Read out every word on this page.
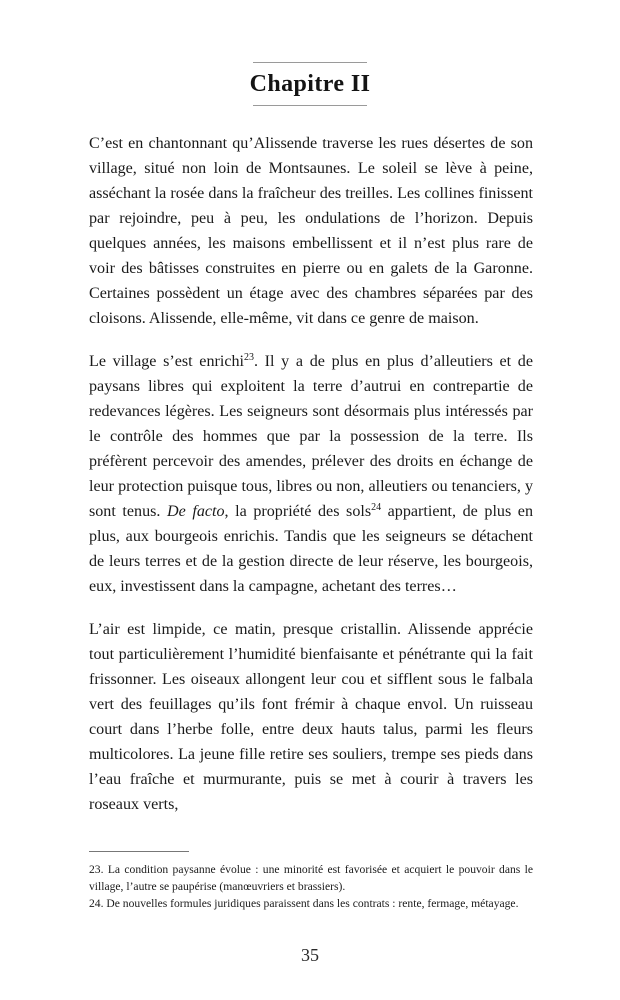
Chapitre II

C’est en chantonnant qu’Alissende traverse les rues désertes de son village, situé non loin de Montsaunes. Le soleil se lève à peine, asséchant la rosée dans la fraîcheur des treilles. Les collines finissent par rejoindre, peu à peu, les ondulations de l’horizon. Depuis quelques années, les maisons embellissent et il n’est plus rare de voir des bâtisses construites en pierre ou en galets de la Garonne. Certaines possèdent un étage avec des chambres séparées par des cloisons. Alissende, elle-même, vit dans ce genre de maison.

Le village s’est enrichi$^{23}$. Il y a de plus en plus d’alleutiers et de paysans libres qui exploitent la terre d’autrui en contrepartie de redevances légères. Les seigneurs sont désormais plus intéressés par le contrôle des hommes que par la possession de la terre. Ils préfèrent percevoir des amendes, prélever des droits en échange de leur protection puisque tous, libres ou non, alleutiers ou tenanciers, y sont tenus. De facto, la propriété des sols$^{24}$ appartient, de plus en plus, aux bourgeois enrichis. Tandis que les seigneurs se détachent de leurs terres et de la gestion directe de leur réserve, les bourgeois, eux, investissent dans la campagne, achetant des terres…

L’air est limpide, ce matin, presque cristallin. Alissende apprécie tout particulièrement l’humidité bienfaisante et pénétrante qui la fait frissonner. Les oiseaux allongent leur cou et sifflent sous le falbala vert des feuillages qu’ils font frémir à chaque envol. Un ruisseau court dans l’herbe folle, entre deux hauts talus, parmi les fleurs multicolores. La jeune fille retire ses souliers, trempe ses pieds dans l’eau fraîche et murmurante, puis se met à courir à travers les roseaux verts,

23. La condition paysanne évolue : une minorité est favorisée et acquiert le pouvoir dans le village, l’autre se paupérise (manœuvriers et brassiers).

24. De nouvelles formules juridiques paraissent dans les contrats : rente, fermage, métayage.

35
